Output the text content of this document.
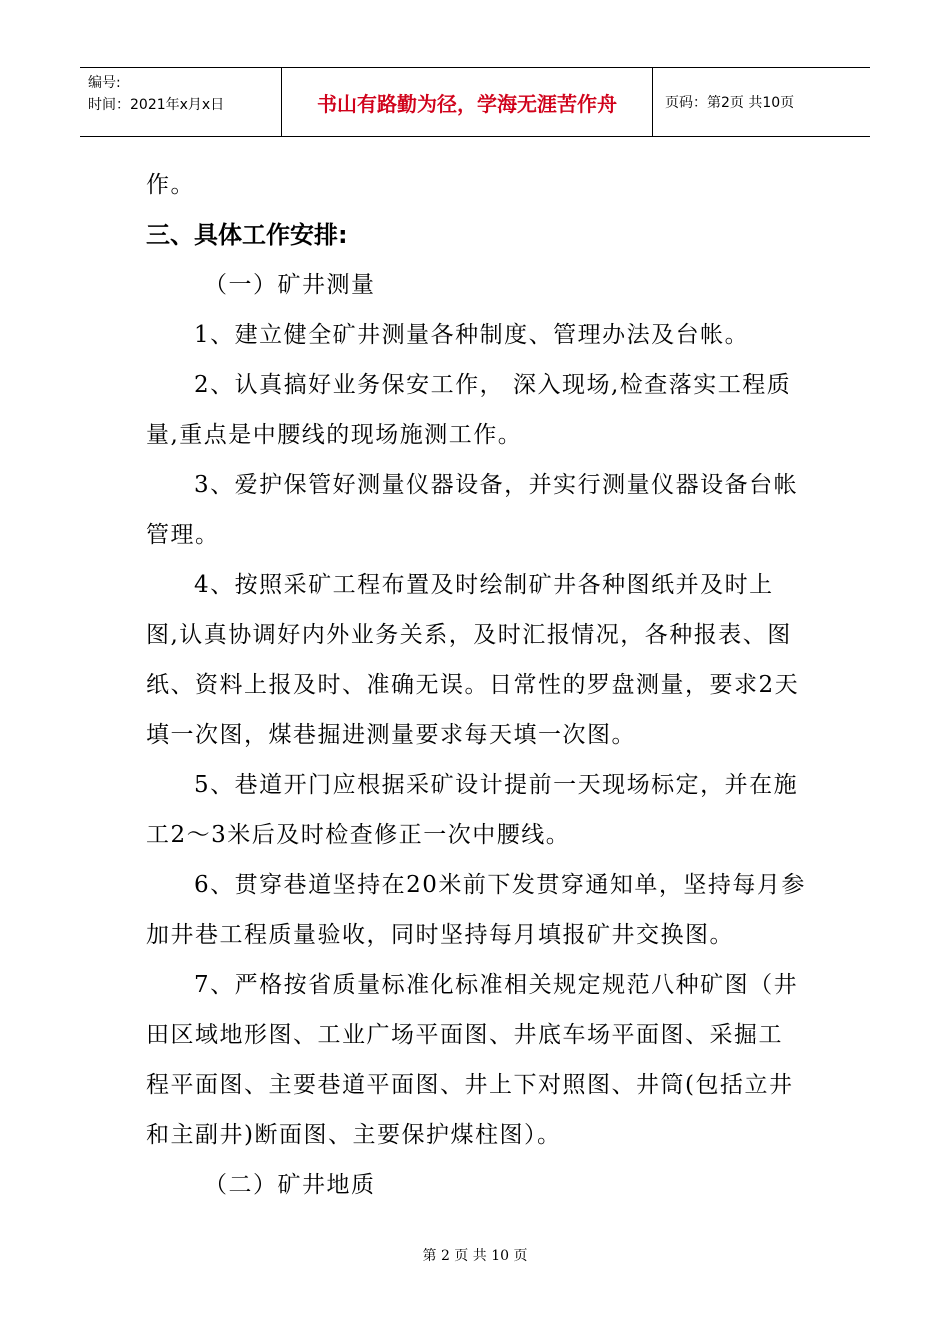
编号:
时间：2021年x月x日	书山有路勤为径，学海无涯苦作舟	页码：第2页 共10页

作。

三、具体工作安排:

（一）矿井测量

1、建立健全矿井测量各种制度、管理办法及台帐。

2、认真搞好业务保安工作， 深入现场,检查落实工程质量,重点是中腰线的现场施测工作。

3、爱护保管好测量仪器设备，并实行测量仪器设备台帐管理。

4、按照采矿工程布置及时绘制矿井各种图纸并及时上图,认真协调好内外业务关系，及时汇报情况，各种报表、图纸、资料上报及时、准确无误。日常性的罗盘测量，要求2天填一次图，煤巷掘进测量要求每天填一次图。

5、巷道开门应根据采矿设计提前一天现场标定，并在施工2～3米后及时检查修正一次中腰线。

6、贯穿巷道坚持在20米前下发贯穿通知单，坚持每月参加井巷工程质量验收，同时坚持每月填报矿井交换图。

7、严格按省质量标准化标准相关规定规范八种矿图（井田区域地形图、工业广场平面图、井底车场平面图、采掘工程平面图、主要巷道平面图、井上下对照图、井筒(包括立井和主副井)断面图、主要保护煤柱图）。

（二）矿井地质

第 2 页 共 10 页
